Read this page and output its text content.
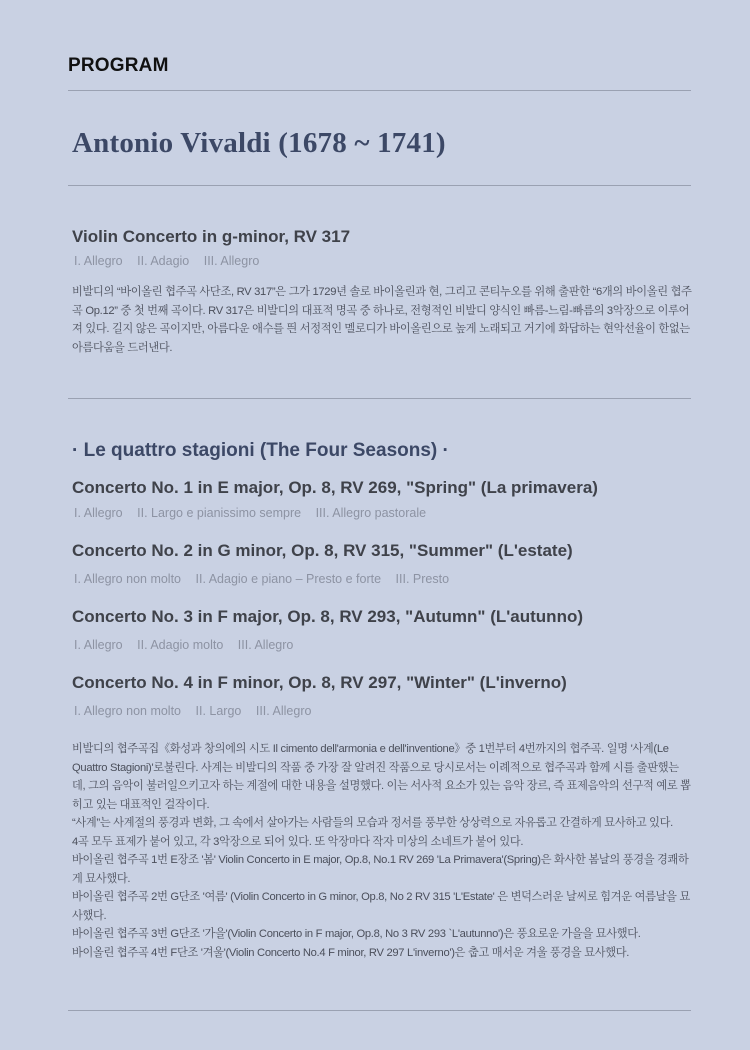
PROGRAM
Antonio Vivaldi (1678 ~ 1741)
Violin Concerto in g-minor, RV 317
I. Allegro II. Adagio III. Allegro

비발디의 “바이올린 협주곡 사단조, RV 317”은 그가 1729년 솔로 바이올린과 현, 그리고 콘티누오를 위해 출판한 “6개의 바이올린 협주곡 Op.12” 중 첫 번째 곡이다. RV 317은 비발디의 대표적 명곡 중 하나로, 전형적인 비발디 양식인 빠름-느림-빠름의 3악장으로 이루어져 있다. 길지 않은 곡이지만, 아름다운 애수를 띈 서정적인 멜로디가 바이올린으로 높게 노래되고 거기에 화답하는 현악선율이 한없는 아름다움을 드러낸다.

· Le quattro stagioni (The Four Seasons) ·
Concerto No. 1 in E major, Op. 8, RV 269, "Spring" (La primavera)
I. Allegro II. Largo e pianissimo sempre III. Allegro pastorale
Concerto No. 2 in G minor, Op. 8, RV 315, "Summer" (L'estate)
I. Allegro non molto II. Adagio e piano – Presto e forte III. Presto
Concerto No. 3 in F major, Op. 8, RV 293, "Autumn" (L'autunno)
I. Allegro II. Adagio molto III. Allegro
Concerto No. 4 in F minor, Op. 8, RV 297, "Winter" (L'inverno)
I. Allegro non molto II. Largo III. Allegro

비발디의 협주곡집《화성과 창의에의 시도 Il cimento dell'armonia e dell'inventione》중 1번부터 4번까지의 협주곡. 일명 '사계(Le Quattro Stagioni)'로불린다. 사계는 비발디의 작품 중 가장 잘 알려진 작품으로 당시로서는 이례적으로 협주곡과 함께 시를 출판했는데, 그의 음악이 불러일으키고자 하는 계절에 대한 내용을 설명했다. 이는 서사적 요소가 있는 음악 장르, 즉 표제음악의 선구적 예로 뽑히고 있는 대표적인 걸작이다.

“사계”는 사계절의 풍경과 변화, 그 속에서 살아가는 사람들의 모습과 정서를 풍부한 상상력으로 자유롭고 간결하게 묘사하고 있다.

4곡 모두 표제가 붙어 있고, 각 3악장으로 되어 있다. 또 악장마다 작자 미상의 소네트가 붙어 있다.

바이올린 협주곡 1번 E장조 '봄' Violin Concerto in E major, Op.8, No.1 RV 269 'La Primavera'(Spring)은 화사한 봄날의 풍경을 경쾌하게 묘사했다.

바이올린 협주곡 2번 G단조 '여름' (Violin Concerto in G minor, Op.8, No 2 RV 315 'L'Estate' 은 변덕스러운 날씨로 힘겨운 여름날을 묘사했다.

바이올린 협주곡 3번 G단조 '가을'(Violin Concerto in F major, Op.8, No 3 RV 293 `L'autunno')은 풍요로운 가을을 묘사했다.

바이올린 협주곡 4번 F단조 '겨울'(Violin Concerto No.4 F minor, RV 297 L'inverno')은 춥고 매서운 겨울 풍경을 묘사했다.
